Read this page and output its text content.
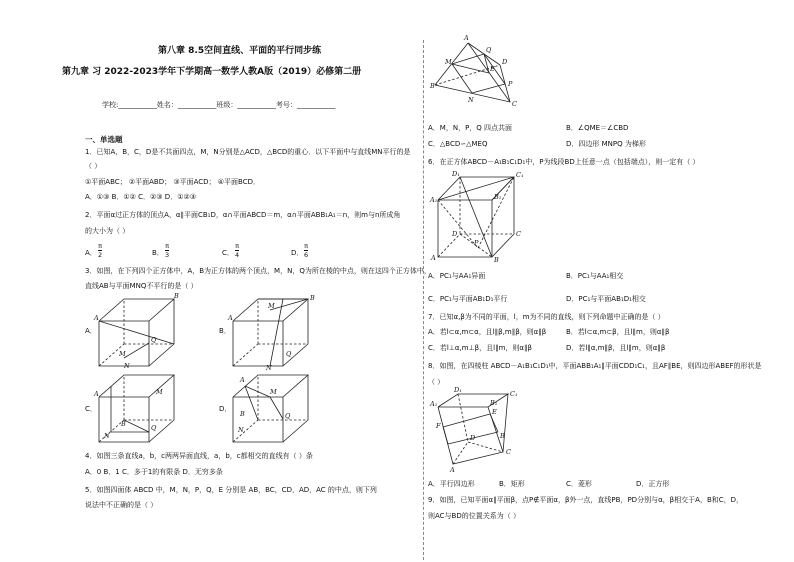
第八章 8.5空间直线、平面的平行同步练
第九章 习 2022-2023学年下学期高一数学人教A版（2019）必修第二册
学校:___________姓名：___________班级：___________考号：___________
一、单选题
1．已知A，B，C，D是不共面四点，M，N分别是△ACD，△BCD的重心．以下平面中与直线MN平行的是
（ ）
①平面ABC； ②平面ABD； ③平面ACD； ④平面BCD．
A．①③ B．①② C．②③ D．①②③
2．平面α过正方体的顶点A，α∥平面CB₁D，α∩平面ABCD＝m，α∩平面ABB₁A₁＝n，则m与n所成角
的大小为（ ）
A． $\frac{\pi}{2}$	B． $\frac{\pi}{3}$	C． $\frac{\pi}{4}$	D． $\frac{\pi}{6}$
3．如图，在下列四个正方体中，A，B为正方体的两个顶点，M，N，Q为所在棱的中点，则在这四个正方体中，
直线AB与平面MNQ不平行的是（ ）
A．
A
B
N
Q
M
B．
A
B
M
Q
N
C．
A
B
N
Q
M
D．
A
B
N
Q
M
4．如图三条直线a，b，c两两异面直线，a，b，c都相交的直线有（ ）条
A．0 B．1 C．多于1的有限条 D．无穷多条
5．如图四面体 ABCD 中，M，N，P，Q，E 分别是 AB，BC，CD，AD，AC 的中点，则下列
说法中不正确的是（ ）
A
B
D
C
M
Q
N
P
E
A．M，N，P，Q 四点共面	B．∠QME＝∠CBD
C．△BCD∽△MEQ	D．四边形 MNPQ 为梯形
6．在正方体ABCD－A₁B₁C₁D₁中，P为线段BD上任意一点（包括端点），则一定有（ ）
D₁	C₁
A₁	B₁
D	C
A	B
P
A．PC₁与AA₁异面	B．PC₁与AA₁相交
C．PC₁与平面AB₁D₁平行	D．PC₁与平面AB₁D₁相交
7．已知α,β为不同的平面，l，m为不同的直线，则下列命题中正确的是（ ）
A．若l⊂α,m⊂α，且l∥β,m∥β，则α∥β	B．若l⊂α,m⊂β，且l∥m，则α∥β
C．若l⊥α,m⊥β，且l∥m，则α∥β	D．若l∥α,m∥β，且l∥m，则α∥β
8．如图，在四棱柱 ABCD－A₁B₁C₁D₁中，平面ABB₁A₁∥平面CDD₁C₁，且AF∥BE，则四边形ABEF的形状是
（ ）
A₁
C₁
D₁
B₁
F
E
A
C
D	B
A．平行四边形	B．矩形	C．菱形	D．正方形
9．如图，已知平面α∥平面β，点P∉平面α，β外一点，直线PB，PD分别与α，β相交于A，B和C，D，
则AC与BD的位置关系为（ ）
